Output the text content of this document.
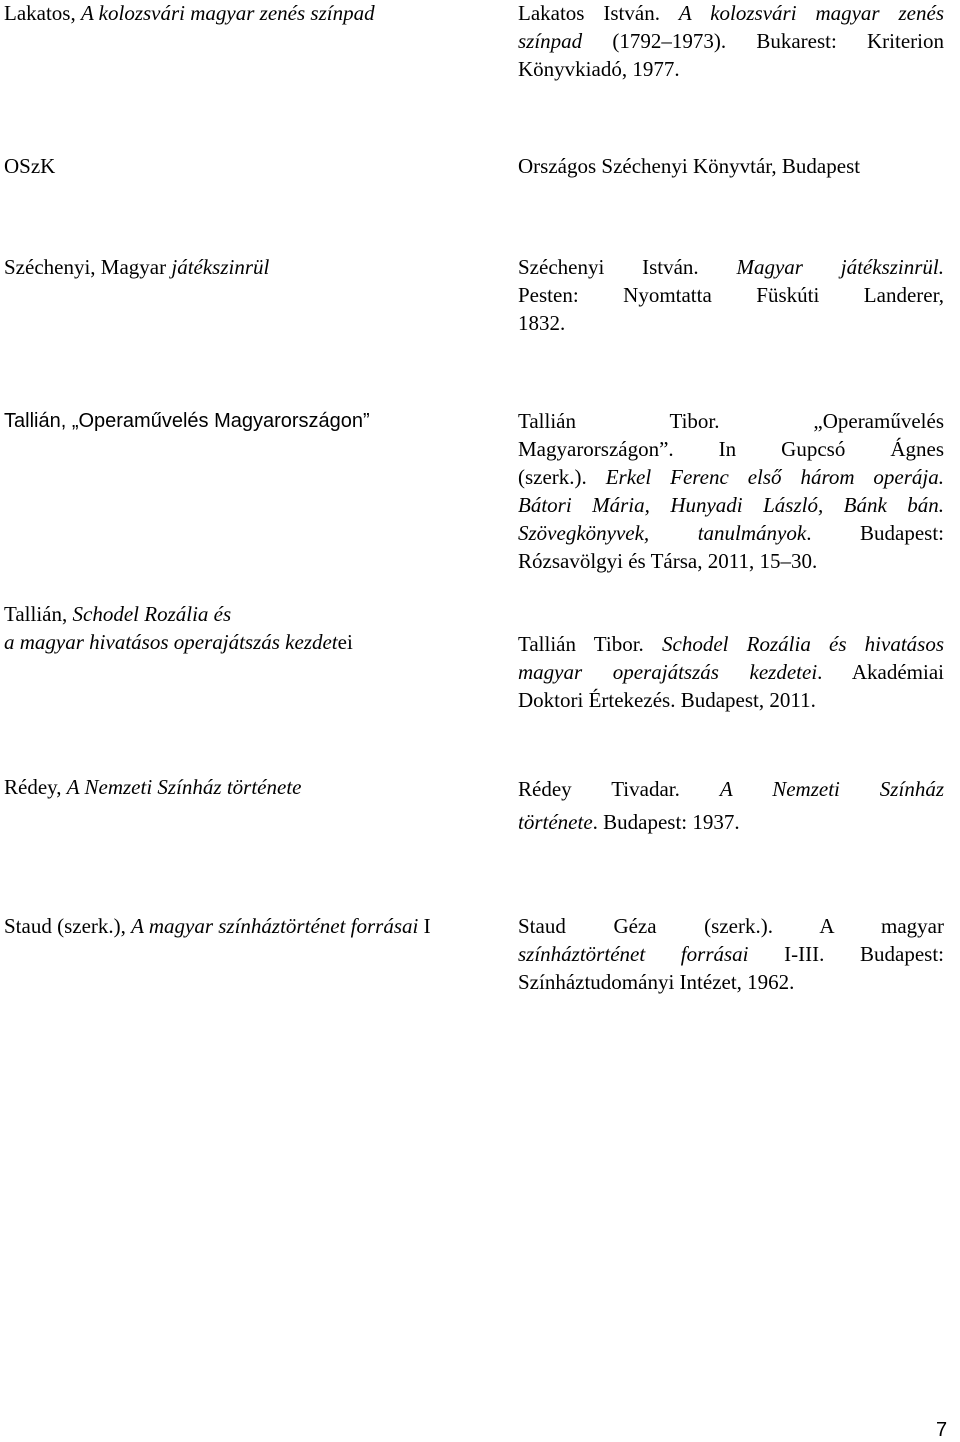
Lakatos, A kolozsvári magyar zenés színpad	Lakatos István. A kolozsvári magyar zenés
színpad (1792–1973). Bukarest: Kriterion
Könyvkiadó, 1977.
OSzK	Országos Széchenyi Könyvtár, Budapest
Széchenyi, Magyar játékszinrül	Széchenyi István. Magyar játékszinrül.
Pesten: Nyomtatta Füskúti Landerer,
1832.
Tallián, „Operaművelés Magyarországon”	Tallián Tibor. „Operaművelés
Magyarországon”. In Gupcsó Ágnes
(szerk.). Erkel Ferenc első három operája.
Bátori Mária, Hunyadi László, Bánk bán.
Szövegkönyvek, tanulmányok. Budapest:
Rózsavölgyi és Társa, 2011, 15–30.
Tallián, Schodel Rozália és
a magyar hivatásos operajátszás kezdetei	Tallián Tibor. Schodel Rozália és hivatásos
magyar operajátszás kezdetei. Akadémiai
Doktori Értekezés. Budapest, 2011.
Rédey, A Nemzeti Színház története	Rédey Tivadar. A Nemzeti Színház
története. Budapest: 1937.
Staud (szerk.), A magyar színháztörténet forrásai I	Staud Géza (szerk.). A magyar
színháztörténet forrásai I-III. Budapest:
Színháztudományi Intézet, 1962.
7
